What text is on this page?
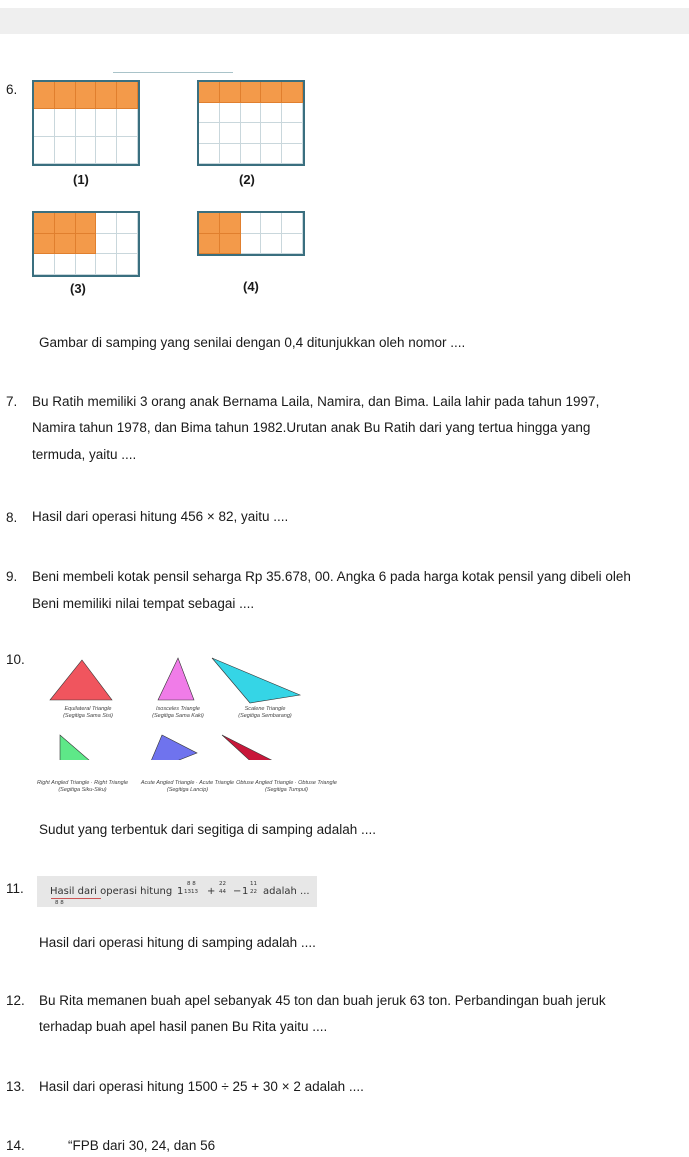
6.
(1)	(2)
(3)	(4)
Gambar di samping yang senilai dengan 0,4 ditunjukkan oleh nomor ....
7. Bu Ratih memiliki 3 orang anak Bernama Laila, Namira, dan Bima. Laila lahir pada tahun 1997,
Namira tahun 1978, dan Bima tahun 1982.Urutan anak Bu Ratih dari yang tertua hingga yang
termuda, yaitu ....
8. Hasil dari operasi hitung 456 × 82, yaitu ....
9. Beni membeli kotak pensil seharga Rp 35.678, 00. Angka 6 pada harga kotak pensil yang dibeli oleh
Beni memiliki nilai tempat sebagai ....
10.
Equilateral Triangle
(Segitiga Sama Sisi)
Isosceles Triangle
(Segitiga Sama Kaki)
Scalene Triangle
(Segitiga Sembarang)
Right Angled Triangle · Right Triangle
(Segitiga Siku-Siku)
Acute Angled Triangle · Acute Triangle
(Segitiga Lancip)
Obtuse Angled Triangle · Obtuse Triangle
(Segitiga Tumpul)
Sudut yang terbentuk dari segitiga di samping adalah ....
11.	Hasil dari operasi hitung 1
8 8
1313 +
22
44 − 1
11
22 adalah ...
8 8
Hasil dari operasi hitung di samping adalah ....
12. Bu Rita memanen buah apel sebanyak 45 ton dan buah jeruk 63 ton. Perbandingan buah jeruk
terhadap buah apel hasil panen Bu Rita yaitu ....
13. Hasil dari operasi hitung 1500 ÷ 25 + 30 × 2 adalah ....
14.	“FPB dari 30, 24, dan 56
